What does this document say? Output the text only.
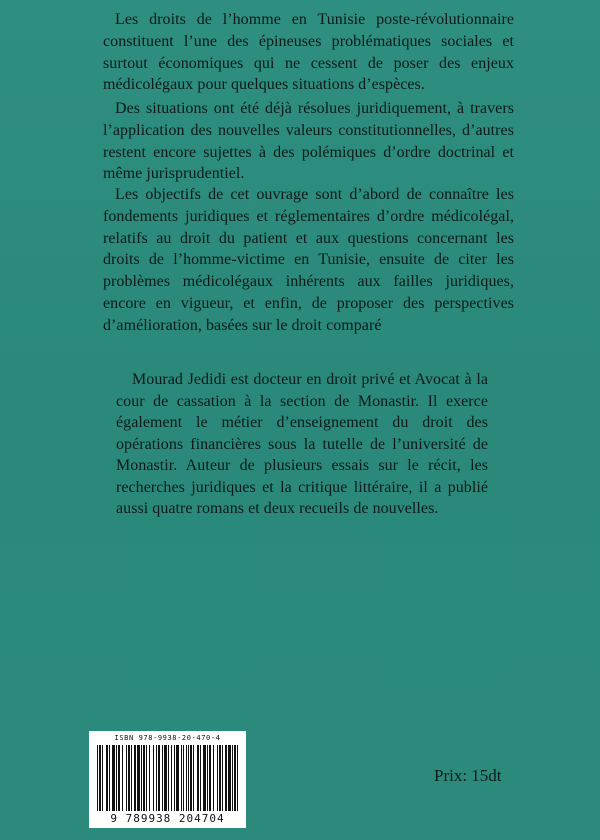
Les droits de l’homme en Tunisie poste-révolutionnaire constituent l’une des épineuses problématiques sociales et surtout économiques qui ne cessent de poser des enjeux médicolégaux pour quelques situations d’espèces.

Des situations ont été déjà résolues juridiquement, à travers l’application des nouvelles valeurs constitutionnelles, d’autres restent encore sujettes à des polémiques d’ordre doctrinal et même jurisprudentiel.

Les objectifs de cet ouvrage sont d’abord de connaître les fondements juridiques et réglementaires d’ordre médicolégal, relatifs au droit du patient et aux questions concernant les droits de l’homme-victime en Tunisie, ensuite de citer les problèmes médicolégaux inhérents aux failles juridiques, encore en vigueur, et enfin, de proposer des perspectives d’amélioration, basées sur le droit comparé

Mourad Jedidi est docteur en droit privé et Avocat à la cour de cassation à la section de Monastir. Il exerce également le métier d’enseignement du droit des opérations financières sous la tutelle de l’université de Monastir. Auteur de plusieurs essais sur le récit, les recherches juridiques et la critique littéraire, il a publié aussi quatre romans et deux recueils de nouvelles.

ISBN 978-9938-20-470-4
9 789938 204704
Prix: 15dt
